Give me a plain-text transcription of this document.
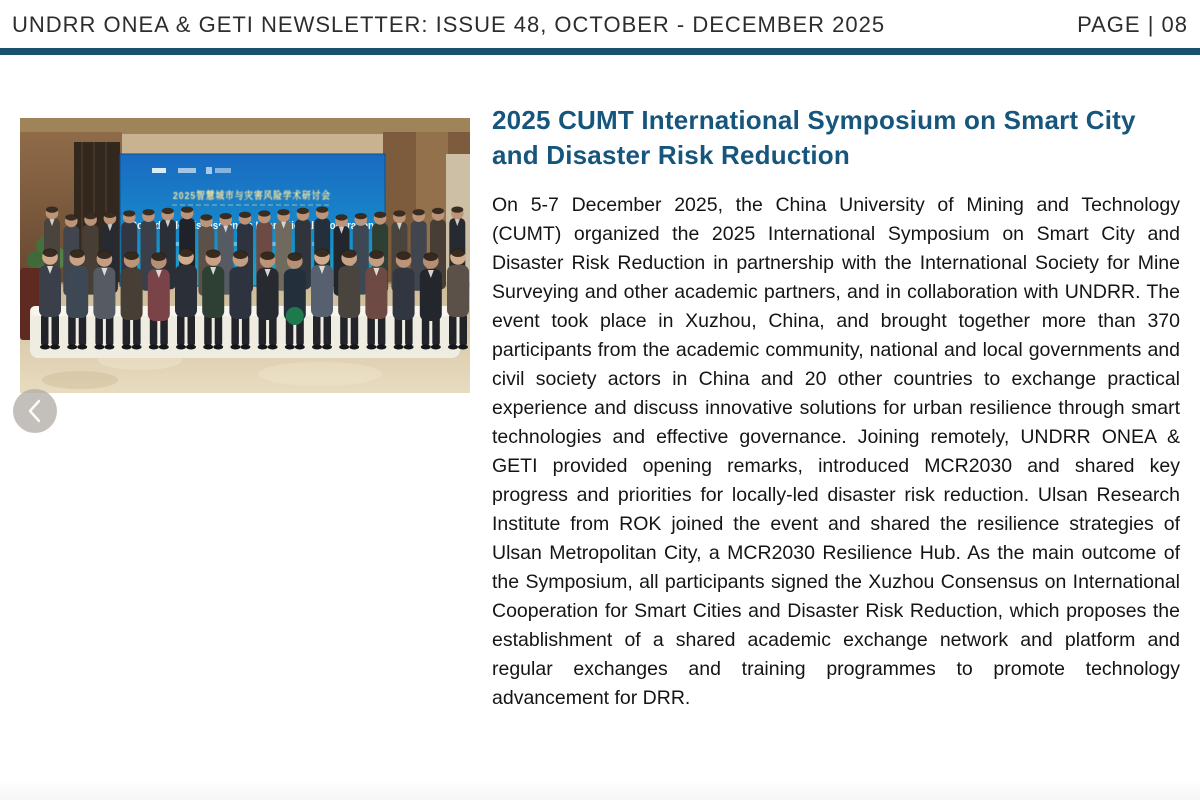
UNDRR ONEA & GETI NEWSLETTER: ISSUE 48, OCTOBER - DECEMBER 2025	PAGE | 08
2025智慧城市与灾害风险学术研讨会
Roundtable Discussion Cooperation
2025 CUMT International Symposium on Smart City and Disaster Risk Reduction

On 5-7 December 2025, the China University of Mining and Technology (CUMT) organized the 2025 International Symposium on Smart City and Disaster Risk Reduction in partnership with the International Society for Mine Surveying and other academic partners, and in collaboration with UNDRR. The event took place in Xuzhou, China, and brought together more than 370 participants from the academic community, national and local governments and civil society actors in China and 20 other countries to exchange practical experience and discuss innovative solutions for urban resilience through smart technologies and effective governance. Joining remotely, UNDRR ONEA & GETI provided opening remarks, introduced MCR2030 and shared key progress and priorities for locally-led disaster risk reduction. Ulsan Research Institute from ROK joined the event and shared the resilience strategies of Ulsan Metropolitan City, a MCR2030 Resilience Hub. As the main outcome of the Symposium, all participants signed the Xuzhou Consensus on International Cooperation for Smart Cities and Disaster Risk Reduction, which proposes the establishment of a shared academic exchange network and platform and regular exchanges and training programmes to promote technology advancement for DRR.
